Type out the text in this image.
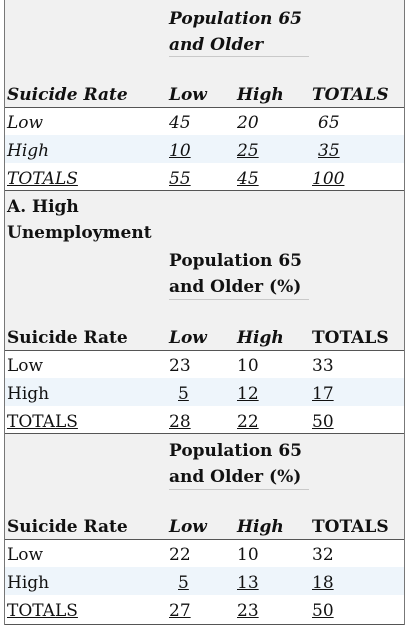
Population 65
and Older
Suicide Rate Low High TOTALS
Low	45	20	65
High	10	25	35
TOTALS	55	45	100
A. High
Unemployment
Population 65
and Older (%)
Suicide Rate Low High TOTALS
Low	23	10	33
High	5	12	17
TOTALS	28	22	50
Population 65
and Older (%)
Suicide Rate Low High TOTALS
Low	22	10	32
High	5	13	18
TOTALS	27	23	50
